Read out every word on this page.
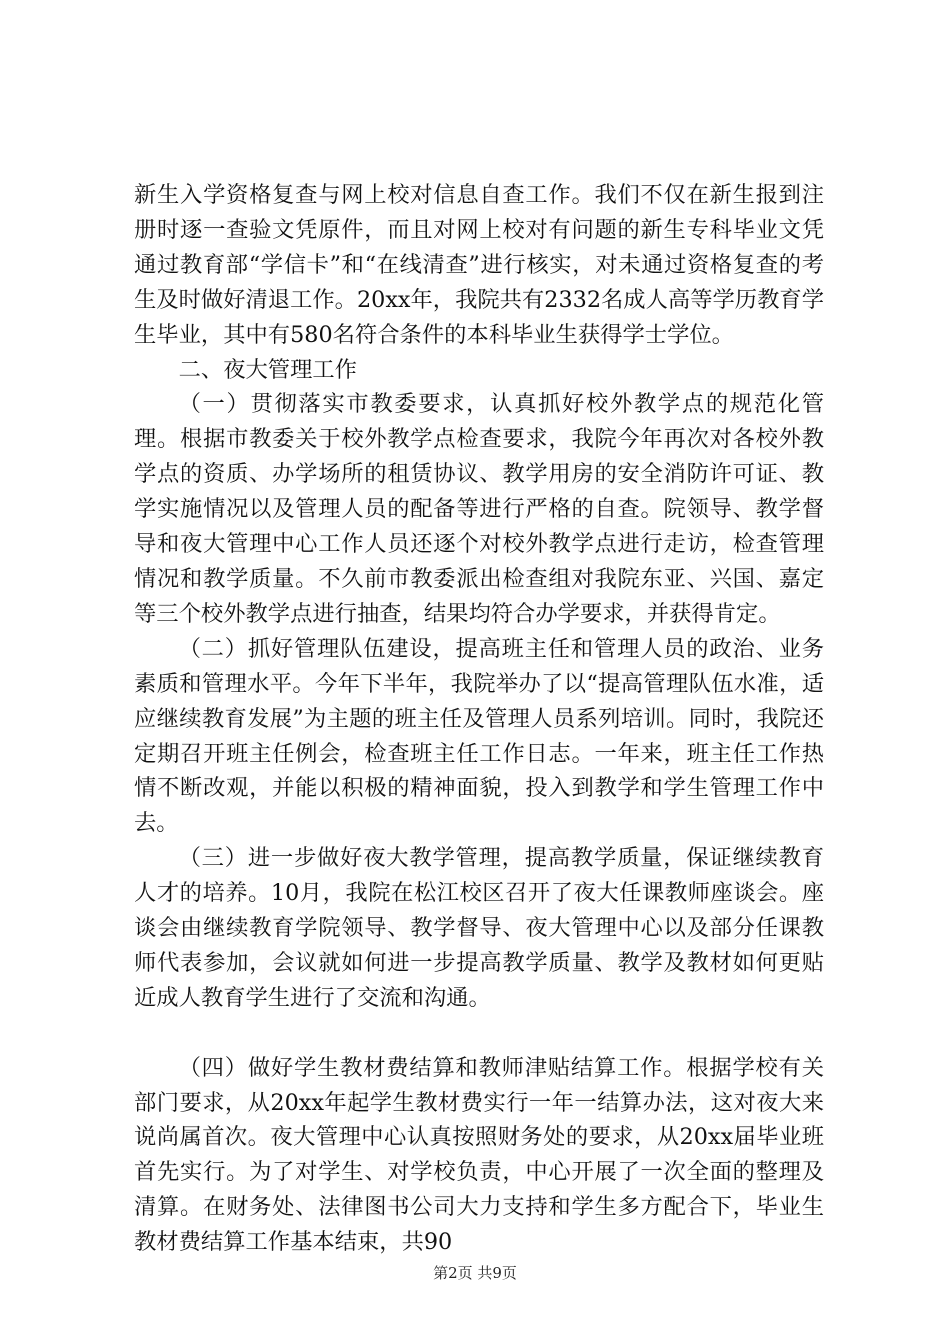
新生入学资格复查与网上校对信息自查工作。我们不仅在新生报到注册时逐一查验文凭原件，而且对网上校对有问题的新生专科毕业文凭通过教育部“学信卡”和“在线清查”进行核实，对未通过资格复查的考生及时做好清退工作。20xx年，我院共有2332名成人高等学历教育学生毕业，其中有580名符合条件的本科毕业生获得学士学位。

二、夜大管理工作

（一）贯彻落实市教委要求，认真抓好校外教学点的规范化管理。根据市教委关于校外教学点检查要求，我院今年再次对各校外教学点的资质、办学场所的租赁协议、教学用房的安全消防许可证、教学实施情况以及管理人员的配备等进行严格的自查。院领导、教学督导和夜大管理中心工作人员还逐个对校外教学点进行走访，检查管理情况和教学质量。不久前市教委派出检查组对我院东亚、兴国、嘉定等三个校外教学点进行抽查，结果均符合办学要求，并获得肯定。

（二）抓好管理队伍建设，提高班主任和管理人员的政治、业务素质和管理水平。今年下半年，我院举办了以“提高管理队伍水准，适应继续教育发展”为主题的班主任及管理人员系列培训。同时，我院还定期召开班主任例会，检查班主任工作日志。一年来，班主任工作热情不断改观，并能以积极的精神面貌，投入到教学和学生管理工作中去。

（三）进一步做好夜大教学管理，提高教学质量，保证继续教育人才的培养。10月，我院在松江校区召开了夜大任课教师座谈会。座谈会由继续教育学院领导、教学督导、夜大管理中心以及部分任课教师代表参加，会议就如何进一步提高教学质量、教学及教材如何更贴近成人教育学生进行了交流和沟通。

（四）做好学生教材费结算和教师津贴结算工作。根据学校有关部门要求，从20xx年起学生教材费实行一年一结算办法，这对夜大来说尚属首次。夜大管理中心认真按照财务处的要求，从20xx届毕业班首先实行。为了对学生、对学校负责，中心开展了一次全面的整理及清算。在财务处、法律图书公司大力支持和学生多方配合下，毕业生教材费结算工作基本结束，共90

第2页 共9页
